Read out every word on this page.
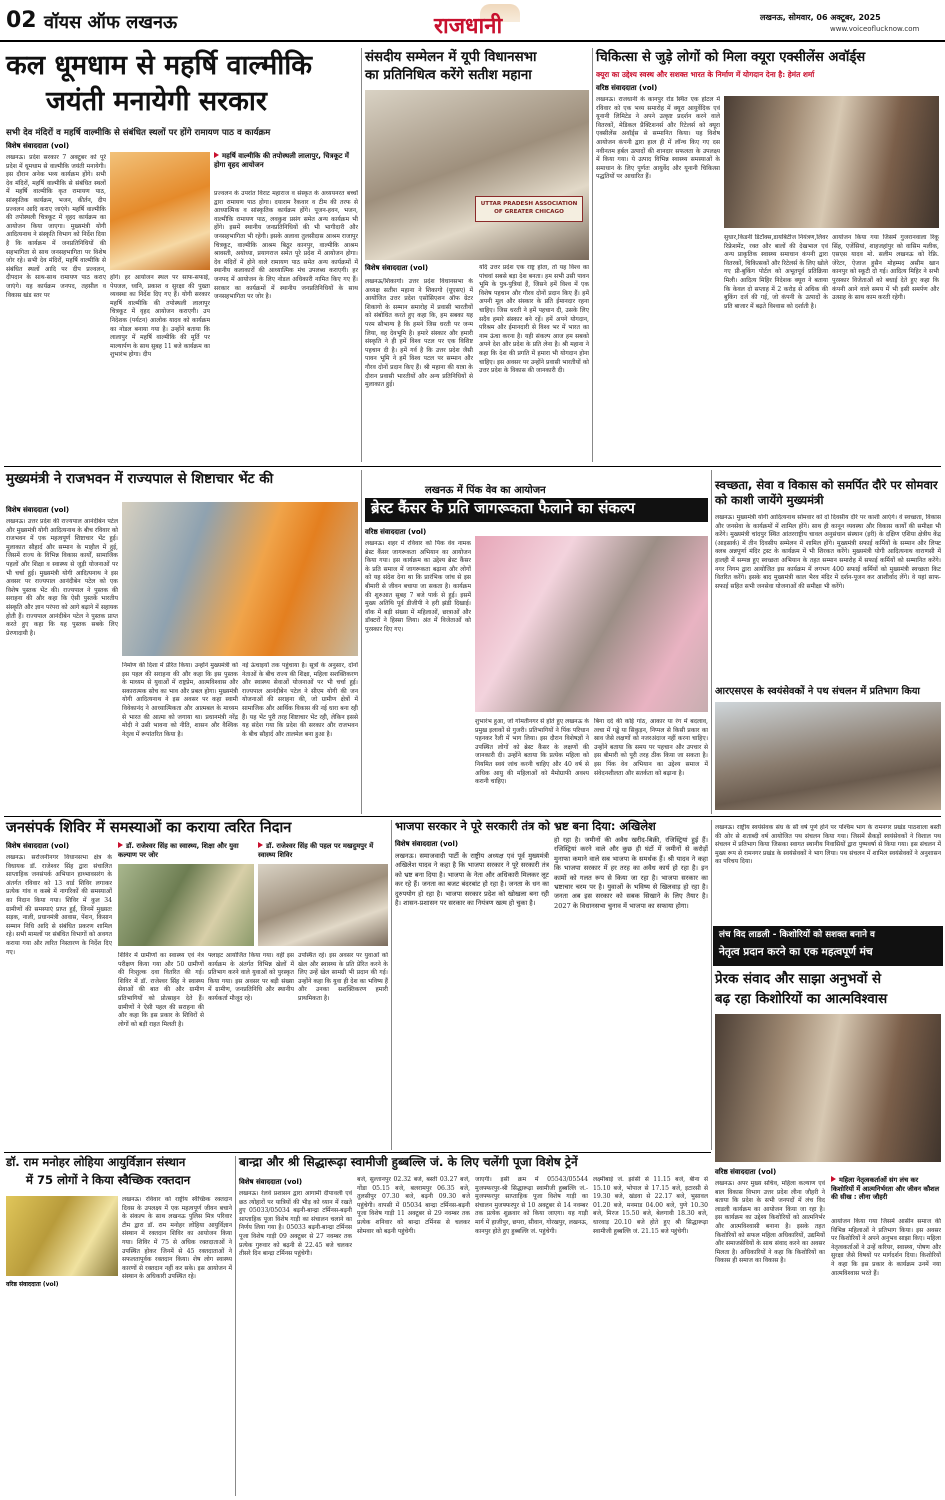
02 वॉयस ऑफ लखनऊ	राजधानी	लखनऊ, सोमवार, 06 अक्टूबर, 2025
www.voiceoflucknow.com
कल धूमधाम से महर्षि वाल्मीकि
जयंती मनायेगी सरकार
सभी देव मंदिरों व महर्षि वाल्मीकि से संबंधित स्थलों पर होंगे रामायण पाठ व कार्यक्रम
विशेष संवाददाता (vol)
लखनऊ। प्रदेश सरकार 7 अक्टूबर को पूरे प्रदेश में धूमधाम से वाल्मीकि जयंती मनायेगी। इस दौरान अनेक भव्य कार्यक्रम होंगे। सभी देव मंदिरों, महर्षि वाल्मीकि से संबंधित स्थलों में महर्षि वाल्मीकि कृत रामायण पाठ, सांस्कृतिक कार्यक्रम, भजन, कीर्तन, दीप प्रज्वलन आदि कराए जाएंगे। महर्षि वाल्मीकि की तपोस्थली चित्रकूट में वृहद कार्यक्रम का आयोजन किया जाएगा। मुख्यमंत्री योगी आदित्यनाथ ने संस्कृति विभाग को निर्देश दिया है कि कार्यक्रम में जनप्रतिनिधियों की सहभागिता से साथ जनसहभागिता पर विशेष जोर रहे। सभी देव मंदिरों, महर्षि वाल्मीकि से संबंधित स्थलों आदि पर दीप प्रज्वलन, दीपदान के साथ-साथ रामायण पाठ कराए जाएंगे। यह कार्यक्रम जनपद, तहसील व विकास खंड स्तर पर
महर्षि वाल्मीकि की तपोस्थली लालापुर, चित्रकूट में होगा वृहद आयोजन
होंगे। हर आयोजन स्थल पर साफ-सफाई, पेयजल, ध्वनि, प्रकाश व सुरक्षा की पुख्ता व्यवस्था का निर्देश दिए गए हैं। योगी सरकार महर्षि वाल्मीकि की तपोस्थली लालापुर चित्रकूट में वृहद आयोजन कराएगी। उप निदेशक (पर्यटन) आलोक यादव को कार्यक्रम का नोडल बनाया गया है। उन्होंने बताया कि लालापुर में महर्षि वाल्मीकि की मूर्ति पर माल्यार्पण के साथ सुबह 11 बजे कार्यक्रम का शुभारंभ होगा। दीप
प्रज्वलन के उपरांत विराट महाराज व संस्कृत के अध्ययनरत बच्चों द्वारा रामायण पाठ होगा। दयाराम रैकवार व टीम की तरफ से आध्यात्मिक व सांस्कृतिक कार्यक्रम होंगे। पूजन-हवन, भजन, वाल्मीकि रामायण पाठ, लवकुश प्रसंग समेत अन्य कार्यक्रम भी होंगे। इसमें स्थानीय जनप्रतिनिधियों की भी भागीदारी और जनसहभागिता भी रहेगी। इसके अलावा तुलसीदास आश्रम राजापुर चित्रकूट, वाल्मीकि आश्रम बिठूर कानपुर, वाल्मीकि आश्रम श्रावस्ती, अयोध्या, प्रयागराज समेत पूरे प्रदेश में आयोजन होगा। देव मंदिरों में होने वाले रामायण पाठ समेत अन्य कार्यक्रमों में स्थानीय कलाकारों की आध्यात्मिक मंच उपलब्ध कराएगी। हर जनपद में आयोजन के लिए नोडल अधिकारी नामित किए गए हैं। सरकार का कार्यक्रमों में स्थानीय जनप्रतिनिधियों के साथ जनसहभागिता पर जोर है।
संसदीय सम्मेलन में यूपी विधानसभा
का प्रतिनिधित्व करेंगे सतीश महाना
UTTAR PRADESH ASSOCIATION
OF GREATER CHICAGO
विशेष संवाददाता (vol)
लखनऊ/शिकागो। उत्तर प्रदेश विधानसभा के अध्यक्ष सतीश महाना ने शिकागो (यूएसए) में आयोजित उत्तर प्रदेश एसोसिएशन ऑफ ग्रेटर शिकागो के सम्मान समारोह में प्रवासी भारतीयों को संबोधित करते हुए कहा कि, हम सबका यह परम सौभाग्य है कि हमने जिस धरती पर जन्म लिया, वह देवभूमि है। हमारे संस्कार और हमारी संस्कृति ने ही हमें विश्व पटल पर एक विशिष्ट पहचान दी है। हमें गर्व है कि उत्तर प्रदेश जैसी पावन भूमि ने हमें विश्व पटल पर सम्मान और गौरव दोनों प्रदान किए हैं। श्री महाना की यात्रा के दौरान प्रवासी भारतीयों और अन्य प्रतिनिधियों से मुलाकात हुई।
यदि उत्तर प्रदेश एक राष्ट्र होता, तो यह विश्व का पांचवां सबसे बड़ा देश बनता। हम सभी उसी पावन भूमि के पुत्र-पुत्रियां हैं, जिसने हमें विश्व में एक विशेष पहचान और गौरव दोनों प्रदान किए हैं। हमें अपनी मूल और संस्कार के प्रति ईमानदार रहना चाहिए। जिस धरती ने हमें पहचान दी, उसके लिए सदैव हमारे संस्कार बने रहें। हमें अपने योगदान, परिश्रम और ईमानदारी से विश्व भर में भारत का नाम ऊंचा करना है। यही संकल्प आज हम सबको अपने देश और प्रदेश के प्रति लेना है। श्री महाना ने कहा कि देश की प्रगति में हमारा भी योगदान होना चाहिए। इस अवसर पर उन्होंने प्रवासी भारतीयों को उत्तर प्रदेश के विकास की जानकारी दी।
चिकित्सा से जुड़े लोगों को मिला क्यूरा एक्सीलेंस अवॉर्ड्स
क्यूरा का उद्देश्य स्वस्थ और सशक्त भारत के निर्माण में योगदान देना है: हेमंत शर्मा
वरिष्ठ संवाददाता (vol)
लखनऊ। राजधानी के कानपुर रोड स्थित एक होटल में रविवार को एक भव्य समारोह में क्यूरा आयुर्वेदिक एवं यूनानी लिमिटेड ने अपने उत्कृष्ट प्रदर्शन करने वाले वितरकों, मेडिकल प्रैक्टिशनर्स और रिटेलर्स को क्यूरा एक्सीलेंस अवॉर्ड्स से सम्मानित किया। यह विशेष आयोजन कंपनी द्वारा हाल ही में लॉन्च किए गए दस नवीनतम हर्बल उत्पादों की शानदार सफलता के उपलक्ष्य में किया गया। ये उत्पाद विभिन्न स्वास्थ्य समस्याओं के समाधान के लिए पूर्णतः आयुर्वेद और यूनानी चिकित्सा पद्धतियों पर आधारित हैं।
सुधार,किडनी डिटॉक्स,डायबिटीज नियंत्रण,लिवर रिफ्रेशमेंट, रक्त और बालों की देखभाल एवं अन्य प्राकृतिक स्वास्थ्य समाधान कंपनी द्वारा वितरकों, चिकित्सकों और रिटेलर्स के लिए खोले गए प्री-बुकिंग पोर्टल को अभूतपूर्व प्रतिक्रिया मिली। आदित्य मिहिर निदेशक क्यूरा ने बताया कि केवल दो सप्ताह में 2 करोड़ से अधिक की बुकिंग दर्ज की गई, जो कंपनी के उत्पादों के प्रति बाजार में बढ़ते विश्वास को दर्शाती है।
आयोजन किया गया जिसमें गुजरानवाला रिंकू सिंह, एजेंसियां, शाहजहांपुर को वासिम मलीक, एसएस यादव मो. सलीम लखनऊ को रेफ्रि. जेरेटर, ऐजाज हुसैन मोहम्मद असीम खान कानपुर को स्कूटी दो गई। आदित्य मिहिर ने सभी पुरस्कार विजेताओं को बधाई देते हुए कहा कि कंपनी आने वाले समय में भी इसी समर्पण और उत्साह के साथ काम करती रहेगी।
मुख्यमंत्री ने राजभवन में राज्यपाल से शिष्टाचार भेंट की
विशेष संवाददाता (vol)
लखनऊ। उत्तर प्रदेश की राज्यपाल आनंदीबेन पटेल और मुख्यमंत्री योगी आदित्यनाथ के बीच रविवार को राजभवन में एक महत्वपूर्ण शिष्टाचार भेंट हुई। मुलाकात सौहार्द और सम्मान के माहौल में हुई, जिसमें राज्य के विभिन्न विकास कार्यों, सामाजिक पहलों और शिक्षा व स्वास्थ्य से जुड़ी योजनाओं पर भी चर्चा हुई। मुख्यमंत्री योगी आदित्यनाथ ने इस अवसर पर राज्यपाल आनंदीबेन पटेल को एक विशेष पुस्तक भेंट की। राज्यपाल ने पुस्तक की सराहना की और कहा कि ऐसी पुस्तकें भारतीय संस्कृति और ज्ञान परंपरा को आगे बढ़ाने में सहायक होती हैं। राज्यपाल आनंदीबेन पटेल ने पुस्तक प्राप्त करते हुए कहा कि यह पुस्तक सबके लिए प्रेरणादायी है।
निर्माण की दिशा में प्रेरित किया। उन्होंने मुख्यमंत्री को इस पहल की सराहना की और कहा कि इस पुस्तक के माध्यम से युवाओं में राष्ट्रप्रेम, आत्मविश्वास और सकारात्मक सोच का भाव और प्रबल होगा। मुख्यमंत्री योगी आदित्यनाथ ने इस अवसर पर कहा स्वामी विवेकानंद ने आध्यात्मिकता और आत्मबल के माध्यम से भारत की आत्मा को जगाया था। प्रधानमंत्री नरेंद्र मोदी ने उसी भावना को नीति, शासन और वैश्विक नेतृत्व में रूपांतरित किया है।
नई ऊंचाइयों तक पहुंचाया है। सूत्रों के अनुसार, दोनों नेताओं के बीच राज्य की शिक्षा, महिला सशक्तिकरण और स्वास्थ्य सेवाओं योजनाओं पर भी चर्चा हुई। राज्यपाल आनंदीबेन पटेल ने सीएम योगी की जन योजनाओं की सराहना की, जो ग्रामीण क्षेत्रों में सामाजिक और आर्थिक विकास की नई धारा बना रही हैं। यह भेंट पूरी तरह शिष्टाचार भेंट रही, लेकिन इससे यह संदेश गया कि प्रदेश की सरकार और राजभवन के बीच सौहार्द और तालमेल बना हुआ है।
लखनऊ में पिंक वेव का आयोजन
ब्रेस्ट कैंसर के प्रति जागरूकता फैलाने का संकल्प
वरिष्ठ संवाददाता (vol)
लखनऊ। शहर में रविवार को पिंक वेव नामक ब्रेस्ट कैंसर जागरूकता अभियान का आयोजन किया गया। इस कार्यक्रम का उद्देश्य ब्रेस्ट कैंसर के प्रति समाज में जागरूकता बढ़ाना और लोगों को यह संदेश देना था कि प्रारंभिक जांच से इस बीमारी से जीवन बचाया जा सकता है। कार्यक्रम की शुरुआत सुबह 7 बजे पार्क से हुई। इसमें मुख्य अतिथि पूर्व डीजीपी ने हरी झंडी दिखाई। वॉक में बड़ी संख्या में महिलाओं, छात्राओं और डॉक्टरों ने हिस्सा लिया। अंत में विजेताओं को पुरस्कार दिए गए।
शुभारंभ हुआ, जो गोमतीनगर से होते हुए लखनऊ के प्रमुख इलाकों से गुजरी। प्रतिभागियों ने पिंक परिधान पहनकर रैली में भाग लिया। इस दौरान विशेषज्ञों ने उपस्थित लोगों को ब्रेस्ट कैंसर के लक्षणों की जानकारी दी। उन्होंने बताया कि प्रत्येक महिला को नियमित स्वयं जांच करनी चाहिए और 40 वर्ष से अधिक आयु की महिलाओं को मैमोग्राफी अवश्य करानी चाहिए।
बिना दर्द की कोई गांठ, आकार या रंग में बदलाव, त्वचा में गड्ढे या सिकुड़न, निप्पल से किसी प्रकार का स्राव जैसे लक्षणों को नजरअंदाज नहीं करना चाहिए। उन्होंने बताया कि समय पर पहचान और उपचार से इस बीमारी को पूरी तरह ठीक किया जा सकता है। इस पिंक वेव अभियान का उद्देश्य समाज में संवेदनशीलता और सतर्कता को बढ़ाना है।
स्वच्छता, सेवा व विकास को समर्पित दौरे पर सोमवार को काशी जायेंगे मुख्यमंत्री
लखनऊ। मुख्यमंत्री योगी आदित्यनाथ सोमवार को दो दिवसीय दौरे पर काशी आएंगे। वे स्वच्छता, विकास और जनसेवा के कार्यक्रमों में शामिल होंगे। साथ ही कानून व्यवस्था और विकास कार्यों की समीक्षा भी करेंगे। मुख्यमंत्री चांदपुर स्थित आंतरराष्ट्रीय चावल अनुसंधान संस्थान (इरी) के दक्षिण एशिया क्षेत्रीय केंद्र (आइसार्क) में तीन दिवसीय सम्मेलन में शामिल होंगे। मुख्यमंत्री सफाई कर्मियों के सम्मान और लिफ्ट क्लब अन्नपूर्णा मंदिर ट्रस्ट के कार्यक्रम में भी शिरकत करेंगे। मुख्यमंत्री योगी आदित्यनाथ वाराणसी में हालही में सम्पन्न हुए स्वच्छता अभियान के तहत सम्मान समारोह में सफाई कर्मियों को सम्मानित करेंगे। नगर निगम द्वारा आयोजित इस कार्यक्रम में लगभग 400 सफाई कर्मियों को मुख्यमंत्री स्वच्छता किट वितरित करेंगे। इसके बाद मुख्यमंत्री काल भैरव मंदिर में दर्शन-पूजन कर आशीर्वाद लेंगे। वे यहां साफ-सफाई सहित सभी जनसेवा योजनाओं की समीक्षा भी करेंगे।
आरएसएस के स्वयंसेवकों ने पथ संचलन में प्रतिभाग किया
जनसंपर्क शिविर में समस्याओं का कराया त्वरित निदान
विशेष संवाददाता (vol)
लखनऊ। सरोजनीनगर विधानसभा क्षेत्र के विधायक डॉ. राजेश्वर सिंह द्वारा संचालित साप्ताहिक जनसंपर्क अभियान हाथ्भावसरंग के अंतर्गत रविवार को 13 वार्ड शिविर लगाकर प्रत्येक गांव व कस्बे में नागरिकों की समस्याओं का निदान किया गया। शिविर में कुल 34 ग्रामीणों की समस्याएं प्राप्त हुईं, जिनमें मुख्यतः सड़क, नाली, प्रधानमंत्री आवास, पेंशन, किसान सम्मान निधि आदि से संबंधित प्रकरण शामिल रहे। सभी मामलों पर संबंधित विभागों को अवगत कराया गया और त्वरित निस्तारण के निर्देश दिए गए।
डॉ. राजेश्वर सिंह का स्वास्थ्य, शिक्षा और युवा कल्याण पर जोर
डॉ. राजेश्वर सिंह की पहल पर मखदुमपुर में स्वास्थ्य शिविर
शिविर में ग्रामीणों का स्वास्थ्य एवं नेत्र परीक्षण किया गया और 50 ग्रामीणों की निःशुल्क दवा वितरित की गई। शिविर में डॉ. राजेश्वर सिंह ने स्वास्थ्य सेवाओं की बात की और ग्रामीण प्रतिभागियों को प्रोत्साहन देते हैं। ग्रामीणों ने ऐसी पहल की सराहना की और कहा कि इस प्रकार के शिविरों से लोगों को बड़ी राहत मिलती है।
फ्लाइट आयोजित किया गया। वहीं इस कार्यक्रम के अंतर्गत विभिन्न खेलों में प्रतिभाग करने वाले युवाओं को पुरस्कृत किया गया। इस अवसर पर बड़ी संख्या में ग्रामीण, जनप्रतिनिधि और स्थानीय कार्यकर्ता मौजूद रहे।
उपस्थित रहे। इस अवसर पर युवाओं को खेल और स्वास्थ्य के प्रति प्रेरित करने के लिए उन्हें खेल सामग्री भी प्रदान की गई। उन्होंने कहा कि युवा ही देश का भविष्य हैं और उनका सशक्तिकरण हमारी प्राथमिकता है।
भाजपा सरकार ने पूरे सरकारी तंत्र को भ्रष्ट बना दिया: अखिलेश
विशेष संवाददाता (vol)
लखनऊ। समाजवादी पार्टी के राष्ट्रीय अध्यक्ष एवं पूर्व मुख्यमंत्री अखिलेश यादव ने कहा है कि भाजपा सरकार ने पूरे सरकारी तंत्र को भ्रष्ट बना दिया है। भाजपा के नेता और अधिकारी मिलकर लूट कर रहे हैं। जनता का बजट बंदरबांट हो रहा है। जनता के धन का दुरुपयोग हो रहा है। भाजपा सरकार प्रदेश को खोखला बना रही है। शासन-प्रशासन पर सरकार का नियंत्रण खत्म हो चुका है।
हो रहा है। जमीनों की अवैध खरीद-बिक्री, रजिस्ट्रियां हुई हैं। रजिस्ट्रियां करने वाले और कुछ ही घंटों में जमीनों से करोड़ों मुनाफा कमाने वाले सब भाजपा के समर्थक हैं। श्री यादव ने कहा कि भाजपा सरकार में हर तरह का अवैध कार्य हो रहा है। इन कामों को गलत रूप से किया जा रहा है। भाजपा सरकार का भ्रष्टाचार चरम पर है। युवाओं के भविष्य से खिलवाड़ हो रहा है। जनता अब इस सरकार को सबक सिखाने के लिए तैयार है। 2027 के विधानसभा चुनाव में भाजपा का सफाया होगा।
लखनऊ। राष्ट्रीय स्वयंसेवक संघ के सौ वर्ष पूर्ण होने पर पश्चिम भाग के रामनगर प्रखंड पाठशाला बस्ती की ओर से शताब्दी वर्ष आयोजित पथ संचलन किया गया। जिसमें सैकड़ों स्वयंसेवकों ने विशाल पथ संचलन में प्रतिभाग किया जिसका स्वागत स्थानीय निवासियों द्वारा पुष्पवर्षा से किया गया। इस संचलन में मुख्य रूप से रामनगर प्रखंड के स्वयंसेवकों ने भाग लिया। पथ संचलन में शामिल स्वयंसेवकों ने अनुशासन का परिचय दिया।
लंच विद लाडली - किशोरियों को सशक्त बनाने व
नेतृत्व प्रदान करने का एक महत्वपूर्ण मंच
प्रेरक संवाद और साझा अनुभवों से
बढ़ रहा किशोरियों का आत्मविश्वास
वरिष्ठ संवाददाता (vol)
लखनऊ। अपर मुख्य सचिव, महिला कल्याण एवं बाल विकास विभाग उत्तर प्रदेश लीना जौहरी ने बताया कि प्रदेश के सभी जनपदों में लंच विद लाडली कार्यक्रम का आयोजन किया जा रहा है। इस कार्यक्रम का उद्देश्य किशोरियों को आत्मनिर्भर और आत्मविश्वासी बनाना है। इसके तहत किशोरियों को सफल महिला अधिकारियों, उद्यमियों और समाजसेवियों के साथ संवाद करने का अवसर मिलता है। अधिकारियों ने कहा कि किशोरियों का विकास ही समाज का विकास है।
महिला नेतृत्वकर्ताओं संग लंच कर किशोरियों में आत्मनिर्भरता और जीवन कौशल की सीख : लीना जौहरी
आयोजन किया गया जिसमें आसीन समाज की विभिन्न महिलाओं ने प्रतिभाग किया। इस अवसर पर किशोरियों ने अपने अनुभव साझा किए। महिला नेतृत्वकर्ताओं ने उन्हें करियर, स्वास्थ्य, पोषण और सुरक्षा जैसे विषयों पर मार्गदर्शन दिया। किशोरियों ने कहा कि इस प्रकार के कार्यक्रम उनमें नया आत्मविश्वास भरते हैं।
डॉ. राम मनोहर लोहिया आयुर्विज्ञान संस्थान
में 75 लोगों ने किया स्वैच्छिक रक्तदान
वरिष्ठ संवाददाता (vol)
लखनऊ। रविवार को राष्ट्रीय स्वैच्छिक रक्तदान दिवस के उपलक्ष्य में एक महत्वपूर्ण जीवन बचाने के संकल्प के साथ लखनऊ पुलिस मित्र परिवार टीम द्वारा डॉ. राम मनोहर लोहिया आयुर्विज्ञान संस्थान में रक्तदान शिविर का आयोजन किया गया। शिविर में 75 से अधिक रक्तदाताओं ने उपस्थित होकर जिनमें से 45 रक्तदाताओं ने सफलतापूर्वक रक्तदान किया। शेष लोग स्वास्थ्य कारणों से रक्तदान नहीं कर सके। इस आयोजन में संस्थान के अधिकारी उपस्थित रहे।
बान्द्रा और श्री सिद्धारूढ़ा स्वामीजी हुब्बल्लि जं. के लिए चलेंगी पूजा विशेष ट्रेनें
विशेष संवाददाता (vol)
लखनऊ। रेलवे प्रशासन द्वारा आगामी दीपावली एवं छठ त्योहारों पर यात्रियों की भीड़ को ध्यान में रखते हुए 05033/05034 बढ़नी-बान्द्रा टर्मिनस-बढ़नी साप्ताहिक पूजा विशेष गाड़ी का संचालन चलाने का निर्णय लिया गया है। 05033 बढ़नी-बान्द्रा टर्मिनस पूजा विशेष गाड़ी 09 अक्टूबर से 27 नवम्बर तक प्रत्येक गुरुवार को बढ़नी से 22.45 बजे चलकर तीसरे दिन बान्द्रा टर्मिनस पहुंचेगी।
बजे, सुल्तानपुर 02.32 बजे, बस्ती 03.27 बजे, गोंडा 05.15 बजे, बलरामपुर 06.35 बजे, तुलसीपुर 07.30 बजे, बढ़नी 09.30 बजे पहुंचेगी। वापसी में 05034 बान्द्रा टर्मिनस-बढ़नी पूजा विशेष गाड़ी 11 अक्टूबर से 29 नवम्बर तक प्रत्येक शनिवार को बान्द्रा टर्मिनस से चलकर सोमवार को बढ़नी पहुंचेगी।
जाएगी। इसी क्रम में 05543/05544 मुजफ्फरपुर-श्री सिद्धारूढ़ा स्वामीजी हुब्बल्लि जं.-मुजफ्फरपुर साप्ताहिक पूजा विशेष गाड़ी का संचालन मुजफ्फरपुर से 10 अक्टूबर से 14 नवम्बर तक प्रत्येक शुक्रवार को किया जाएगा। यह गाड़ी मार्ग में हाजीपुर, छपरा, सीवान, गोरखपुर, लखनऊ, कानपुर होते हुए हुब्बल्लि जं. पहुंचेगी।
लक्ष्मीबाई जं. झांसी से 11.15 बजे, बीना से 15.10 बजे, भोपाल से 17.15 बजे, इटारसी से 19.30 बजे, खंडवा से 22.17 बजे, भुसावल 01.20 बजे, मनमाड 04.00 बजे, पुणे 10.30 बजे, मिरज 15.50 बजे, बेलगावी 18.30 बजे, धारवाड़ 20.10 बजे होते हुए श्री सिद्धारूढ़ा स्वामीजी हुब्बल्लि जं. 21.15 बजे पहुंचेगी।
